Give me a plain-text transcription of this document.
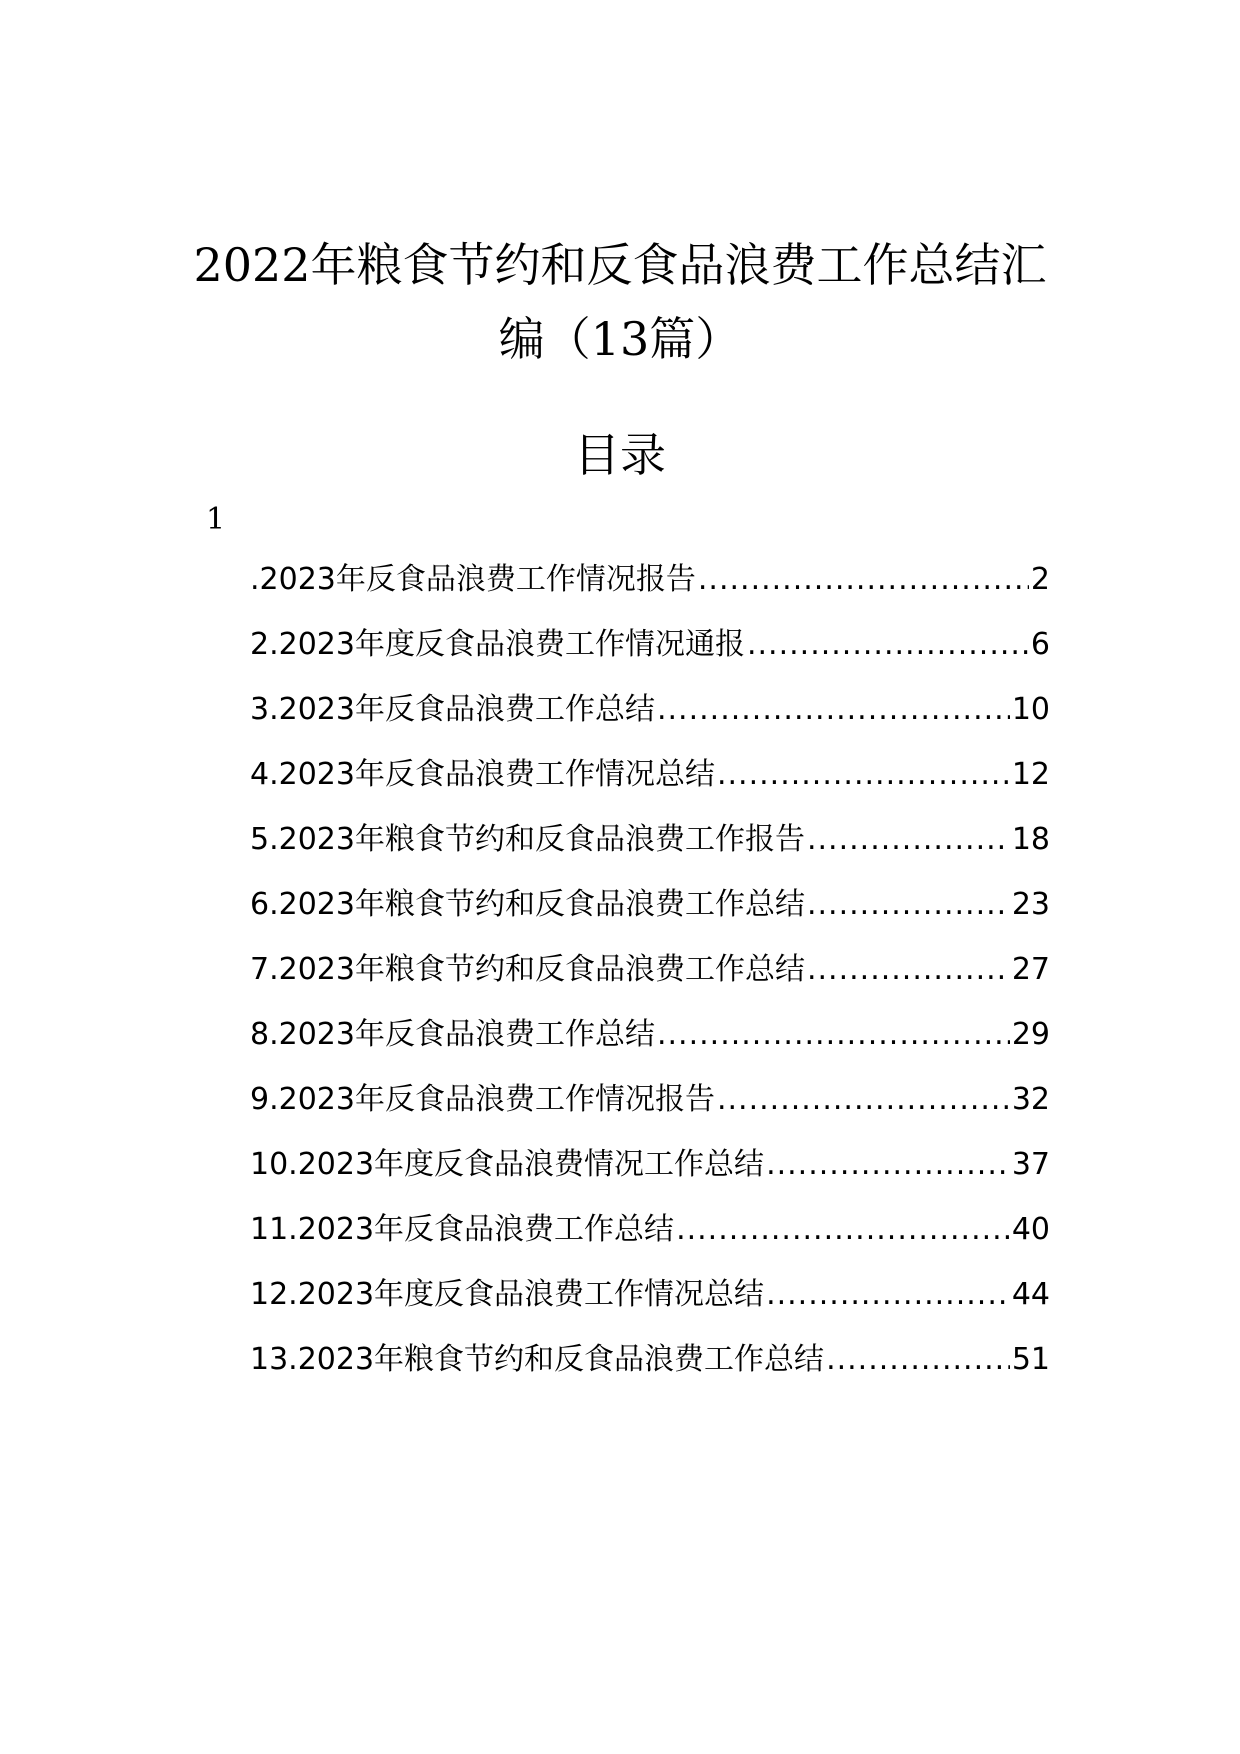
2022年粮食节约和反食品浪费工作总结汇编（13篇）
目录
1
.2023年反食品浪费工作情况报告 .....	2
2.2023年度反食品浪费工作情况通报 .....	6
3.2023年反食品浪费工作总结 .....	10
4.2023年反食品浪费工作情况总结 .....	12
5.2023年粮食节约和反食品浪费工作报告 .....	18
6.2023年粮食节约和反食品浪费工作总结 .....	23
7.2023年粮食节约和反食品浪费工作总结 .....	27
8.2023年反食品浪费工作总结 .....	29
9.2023年反食品浪费工作情况报告 .....	32
10.2023年度反食品浪费情况工作总结 .....	37
11.2023年反食品浪费工作总结 .....	40
12.2023年度反食品浪费工作情况总结 .....	44
13.2023年粮食节约和反食品浪费工作总结 .....	51
